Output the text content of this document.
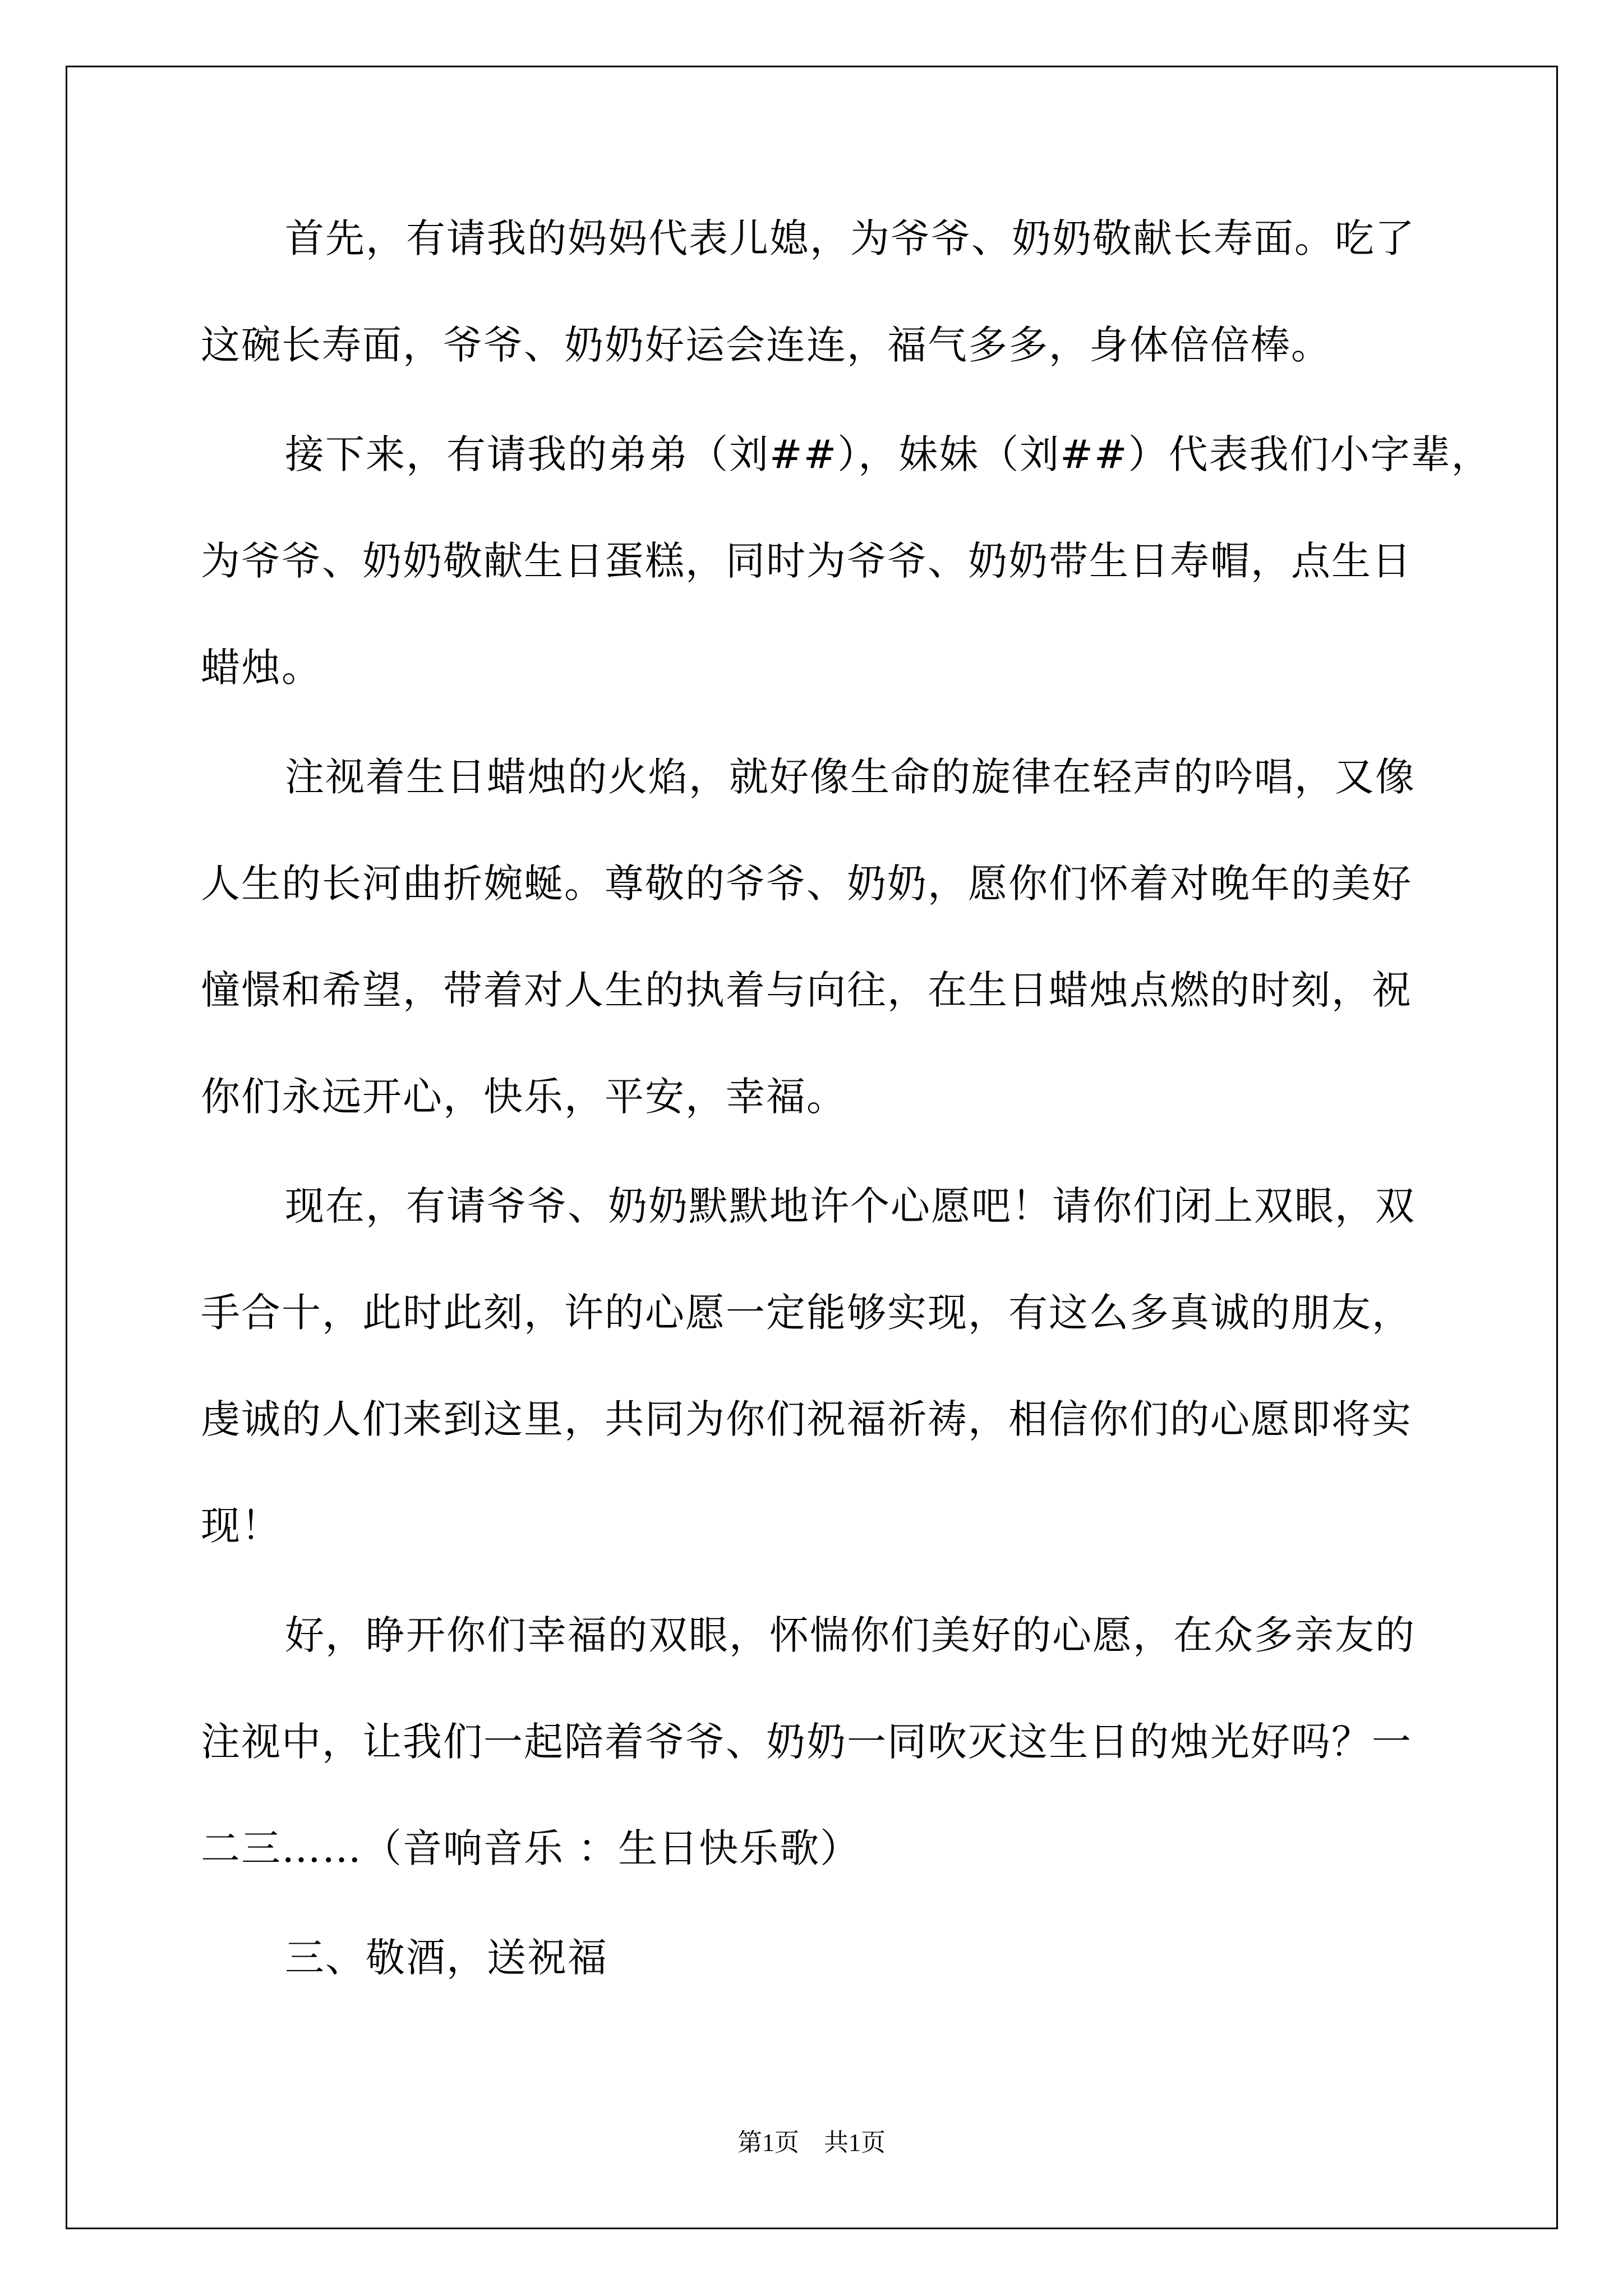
首先，有请我的妈妈代表儿媳，为爷爷、奶奶敬献长寿面。吃了
这碗长寿面，爷爷、奶奶好运会连连，福气多多，身体倍倍棒。
接下来，有请我的弟弟（刘##），妹妹（刘##）代表我们小字辈，
为爷爷、奶奶敬献生日蛋糕，同时为爷爷、奶奶带生日寿帽，点生日
蜡烛。
注视着生日蜡烛的火焰，就好像生命的旋律在轻声的吟唱，又像
人生的长河曲折婉蜒。尊敬的爷爷、奶奶，愿你们怀着对晚年的美好
憧憬和希望，带着对人生的执着与向往，在生日蜡烛点燃的时刻，祝
你们永远开心，快乐，平安，幸福。
现在，有请爷爷、奶奶默默地许个心愿吧！请你们闭上双眼，双
手合十，此时此刻，许的心愿一定能够实现，有这么多真诚的朋友，
虔诚的人们来到这里，共同为你们祝福祈祷，相信你们的心愿即将实
现！
好，睁开你们幸福的双眼，怀惴你们美好的心愿，在众多亲友的
注视中，让我们一起陪着爷爷、奶奶一同吹灭这生日的烛光好吗？一
二三……（音响音乐 ：生日快乐歌）
三、敬酒，送祝福
第1页　共1页
